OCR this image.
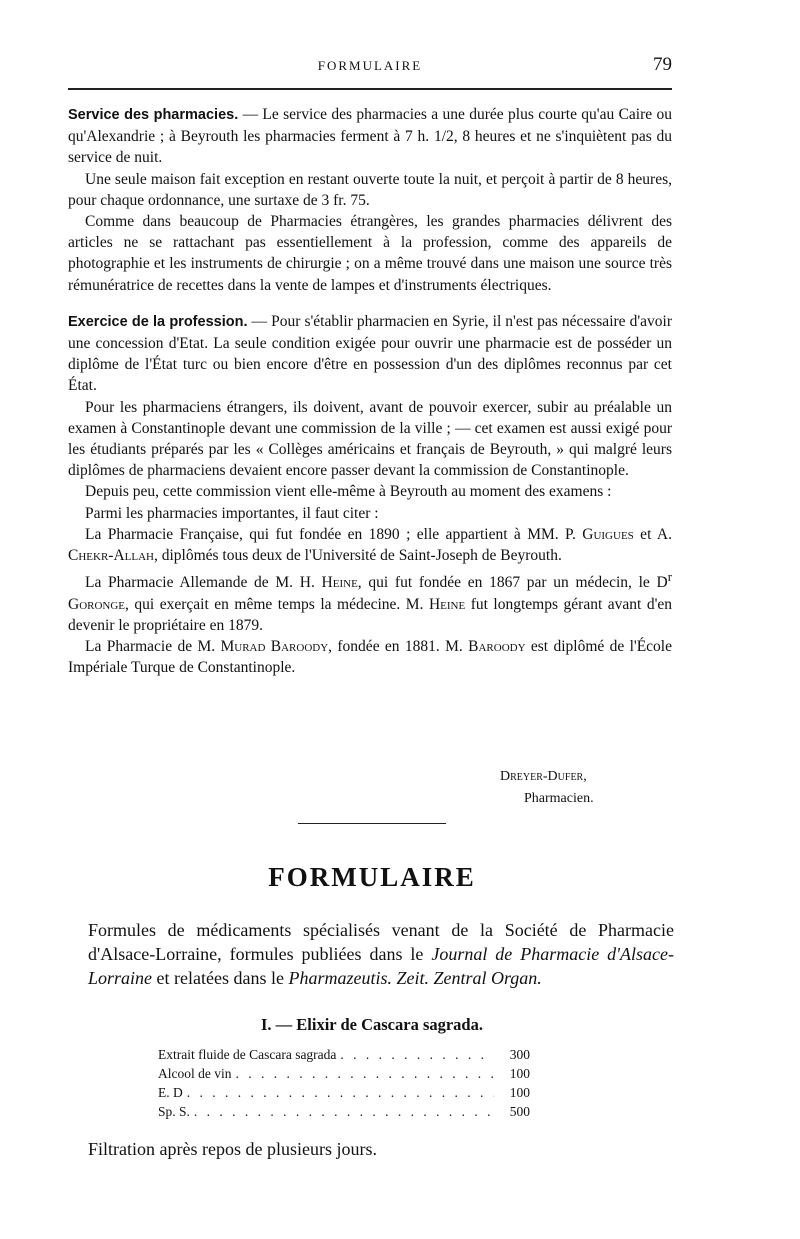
FORMULAIRE	79

Service des pharmacies. — Le service des pharmacies a une durée plus courte qu'au Caire ou qu'Alexandrie ; à Beyrouth les pharmacies ferment à 7 h. 1/2, 8 heures et ne s'inquiètent pas du service de nuit.

Une seule maison fait exception en restant ouverte toute la nuit, et perçoit à partir de 8 heures, pour chaque ordonnance, une surtaxe de 3 fr. 75.

Comme dans beaucoup de Pharmacies étrangères, les grandes pharmacies délivrent des articles ne se rattachant pas essentiellement à la profession, comme des appareils de photographie et les instruments de chirurgie ; on a même trouvé dans une maison une source très rémunératrice de recettes dans la vente de lampes et d'instruments électriques.

Exercice de la profession. — Pour s'établir pharmacien en Syrie, il n'est pas nécessaire d'avoir une concession d'Etat. La seule condition exigée pour ouvrir une pharmacie est de posséder un diplôme de l'État turc ou bien encore d'être en possession d'un des diplômes reconnus par cet État.

Pour les pharmaciens étrangers, ils doivent, avant de pouvoir exercer, subir au préalable un examen à Constantinople devant une commission de la ville ; — cet examen est aussi exigé pour les étudiants préparés par les « Collèges américains et français de Beyrouth, » qui malgré leurs diplômes de pharmaciens devaient encore passer devant la commission de Constantinople.

Depuis peu, cette commission vient elle-même à Beyrouth au moment des examens :

Parmi les pharmacies importantes, il faut citer :

La Pharmacie Française, qui fut fondée en 1890 ; elle appartient à MM. P. Guigues et A. Chekr-Allah, diplômés tous deux de l'Université de Saint-Joseph de Beyrouth.

La Pharmacie Allemande de M. H. Heine, qui fut fondée en 1867 par un médecin, le $D^r$ Goronge, qui exerçait en même temps la médecine. M. Heine fut longtemps gérant avant d'en devenir le propriétaire en 1879.

La Pharmacie de M. Murad Baroody, fondée en 1881. M. Baroody est diplômé de l'École Impériale Turque de Constantinople.

Dreyer-Dufer,
Pharmacien.
FORMULAIRE

Formules de médicaments spécialisés venant de la Société de Pharmacie d'Alsace-Lorraine, formules publiées dans le Journal de Pharmacie d'Alsace-Lorraine et relatées dans le Pharmazeutis. Zeit. Zentral Organ.

I. — Elixir de Cascara sagrada.
Extrait fluide de Cascara sagrada . . .	300
Alcool de vin . . .	100
E. D . . .	100
Sp. S. . . .	500
Filtration après repos de plusieurs jours.
